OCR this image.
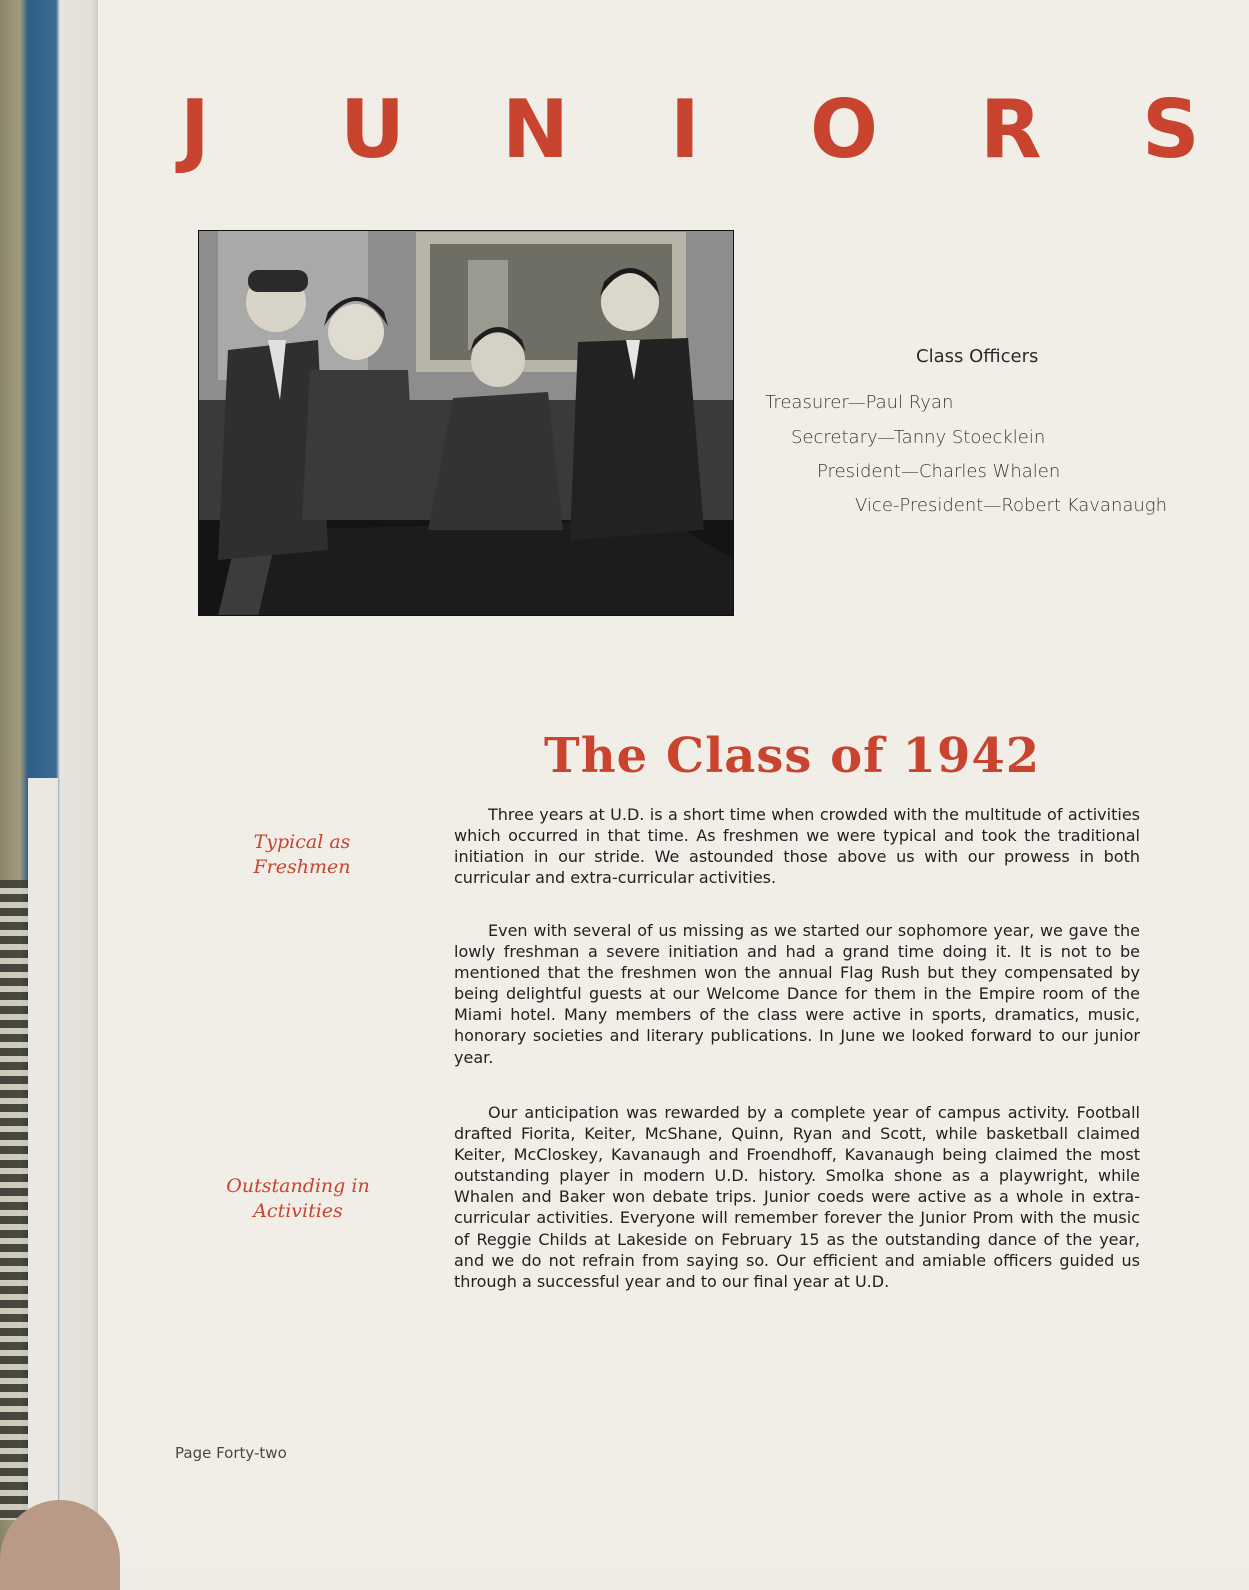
J U N I O R S
Class Officers
Treasurer—Paul Ryan
Secretary—Tanny Stoecklein
President—Charles Whalen
Vice-President—Robert Kavanaugh
The Class of 1942
Typical as Freshmen
Outstanding in Activities

Three years at U.D. is a short time when crowded with the multitude of activities which occurred in that time. As freshmen we were typical and took the traditional initiation in our stride. We astounded those above us with our prowess in both curricular and extra-curricular activities.

Even with several of us missing as we started our sophomore year, we gave the lowly freshman a severe initiation and had a grand time doing it. It is not to be mentioned that the freshmen won the annual Flag Rush but they compensated by being delightful guests at our Welcome Dance for them in the Empire room of the Miami hotel. Many members of the class were active in sports, dramatics, music, honorary societies and literary publications. In June we looked forward to our junior year.

Our anticipation was rewarded by a complete year of campus activity. Football drafted Fiorita, Keiter, McShane, Quinn, Ryan and Scott, while basketball claimed Keiter, McCloskey, Kavanaugh and Froendhoff, Kavanaugh being claimed the most outstanding player in modern U.D. history. Smolka shone as a playwright, while Whalen and Baker won debate trips. Junior coeds were active as a whole in extra-curricular activities. Everyone will remember forever the Junior Prom with the music of Reggie Childs at Lakeside on February 15 as the outstanding dance of the year, and we do not refrain from saying so. Our efficient and amiable officers guided us through a successful year and to our final year at U.D.

Page Forty-two
